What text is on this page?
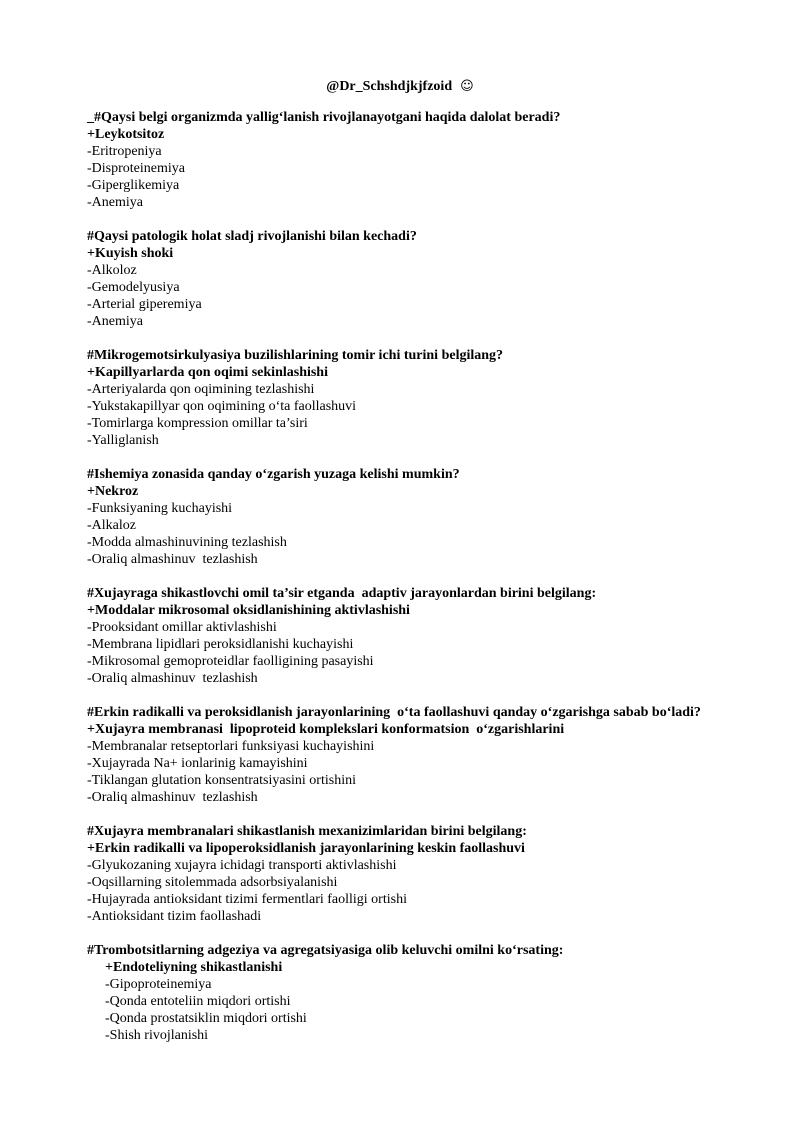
@Dr_Schshdjkjfzoid ☺
_#Qaysi belgi organizmda yallig‘lanish rivojlanayotgani haqida dalolat beradi?
+Leykotsitoz
-Eritropeniya
-Disproteinemiya
-Giperglikemiya
-Anemiya
#Qaysi patologik holat sladj rivojlanishi bilan kechadi?
+Kuyish shoki
-Alkoloz
-Gemodelyusiya
-Arterial giperemiya
-Anemiya
#Mikrogemotsirkulyasiya buzilishlarining tomir ichi turini belgilang?
+Kapillyarlarda qon oqimi sekinlashishi
-Arteriyalarda qon oqimining tezlashishi
-Yukstakapillyar qon oqimining o‘ta faollashuvi
-Tomirlarga kompression omillar ta’siri
-Yalliglanish
#Ishemiya zonasida qanday o‘zgarish yuzaga kelishi mumkin?
+Nekroz
-Funksiyaning kuchayishi
-Alkaloz
-Modda almashinuvining tezlashish
-Oraliq almashinuv  tezlashish
#Xujayraga shikastlovchi omil ta’sir etganda  adaptiv jarayonlardan birini belgilang:
+Moddalar mikrosomal oksidlanishining aktivlashishi
-Prooksidant omillar aktivlashishi
-Membrana lipidlari peroksidlanishi kuchayishi
-Mikrosomal gemoproteidlar faolligining pasayishi
-Oraliq almashinuv  tezlashish
#Erkin radikalli va peroksidlanish jarayonlarining  o‘ta faollashuvi qanday o‘zgarishga sabab bo‘ladi?
+Xujayra membranasi  lipoproteid komplekslari konformatsion  o‘zgarishlarini
-Membranalar retseptorlari funksiyasi kuchayishini
-Xujayrada Na+ ionlarinig kamayishini
-Tiklangan glutation konsentratsiyasini ortishini
-Oraliq almashinuv  tezlashish
#Xujayra membranalari shikastlanish mexanizimlaridan birini belgilang:
+Erkin radikalli va lipoperoksidlanish jarayonlarining keskin faollashuvi
-Glyukozaning xujayra ichidagi transporti aktivlashishi
-Oqsillarning sitolemmada adsorbsiyalanishi
-Hujayrada antioksidant tizimi fermentlari faolligi ortishi
-Antioksidant tizim faollashadi
#Trombotsitlarning adgeziya va agregatsiyasiga olib keluvchi omilni ko‘rsating:
+Endoteliyning shikastlanishi
-Gipoproteinemiya
-Qonda entoteliin miqdori ortishi
-Qonda prostatsiklin miqdori ortishi
-Shish rivojlanishi
